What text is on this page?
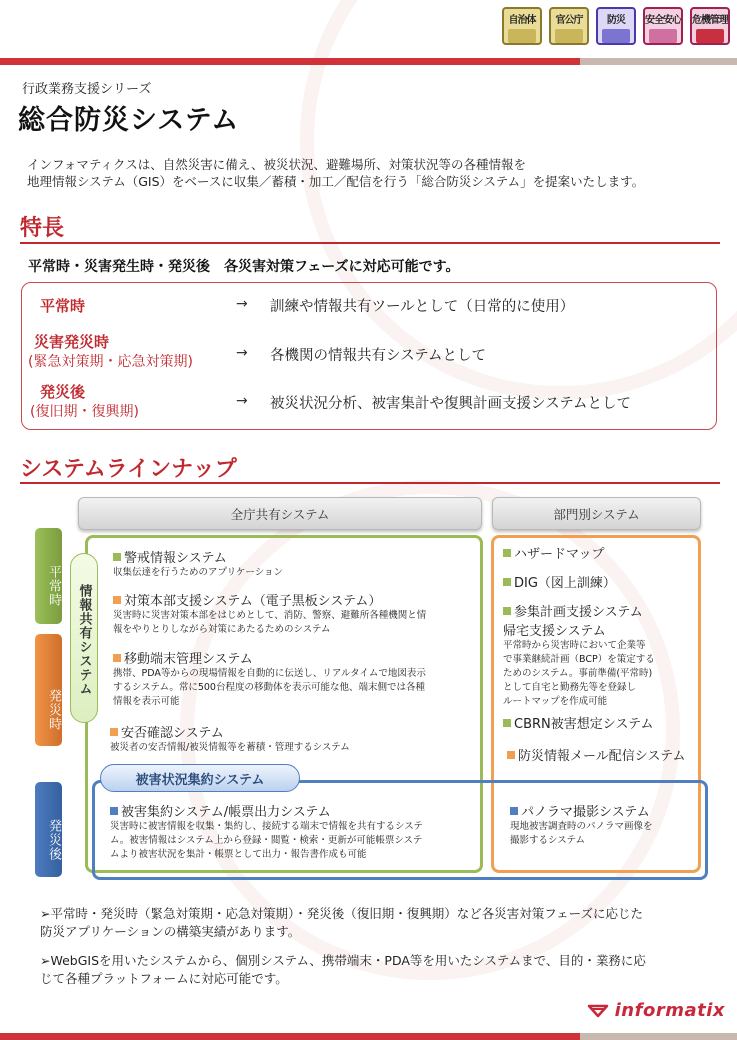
自治体 官公庁 防災 安全安心 危機管理
行政業務支援シリーズ
総合防災システム
インフォマティクスは、自然災害に備え、被災状況、避難場所、対策状況等の各種情報を
地理情報システム（GIS）をベースに収集／蓄積・加工／配信を行う「総合防災システム」を提案いたします。
特長
平常時・災害発生時・発災後　各災害対策フェーズに対応可能です。
平常時	→ 訓練や情報共有ツールとして（日常的に使用）
災害発災時
(緊急対策期・応急対策期)
→ 各機関の情報共有システムとして
発災後
(復旧期・復興期)
→ 被災状況分析、被害集計や復興計画支援システムとして
システムラインナップ
全庁共有システム	部門別システム
平常時
発災時
発災後
情報共有システム
被害状況集約システム
警戒情報システム
収集伝達を行うためのアプリケーション
対策本部支援システム（電子黒板システム）
災害時に災害対策本部をはじめとして、消防、警察、避難所各種機関と情
報をやりとりしながら対策にあたるためのシステム
移動端末管理システム
携帯、PDA等からの現場情報を自動的に伝送し、リアルタイムで地図表示
するシステム。常に500台程度の移動体を表示可能な他、端末側では各種
情報を表示可能
安否確認システム
被災者の安否情報/被災情報等を蓄積・管理するシステム
被害集約システム/帳票出力システム
災害時に被害情報を収集・集約し、接続する端末で情報を共有するシステ
ム。被害情報はシステム上から登録・閲覧・検索・更新が可能帳票システ
ムより被害状況を集計・帳票として出力・報告書作成も可能
ハザードマップ
DIG（図上訓練）
参集計画支援システム
帰宅支援システム
平常時から災害時において企業等
で事業継続計画（BCP）を策定する
ためのシステム。事前準備(平常時)
として自宅と勤務先等を登録し
ルートマップを作成可能
CBRN被害想定システム
防災情報メール配信システム
パノラマ撮影システム
現地被害調査時のパノラマ画像を
撮影するシステム
➢平常時・発災時（緊急対策期・応急対策期）・発災後（復旧期・復興期）など各災害対策フェーズに応じた
防災アプリケーションの構築実績があります。
➢WebGISを用いたシステムから、個別システム、携帯端末・PDA等を用いたシステムまで、目的・業務に応
じて各種プラットフォームに対応可能です。
informatix
